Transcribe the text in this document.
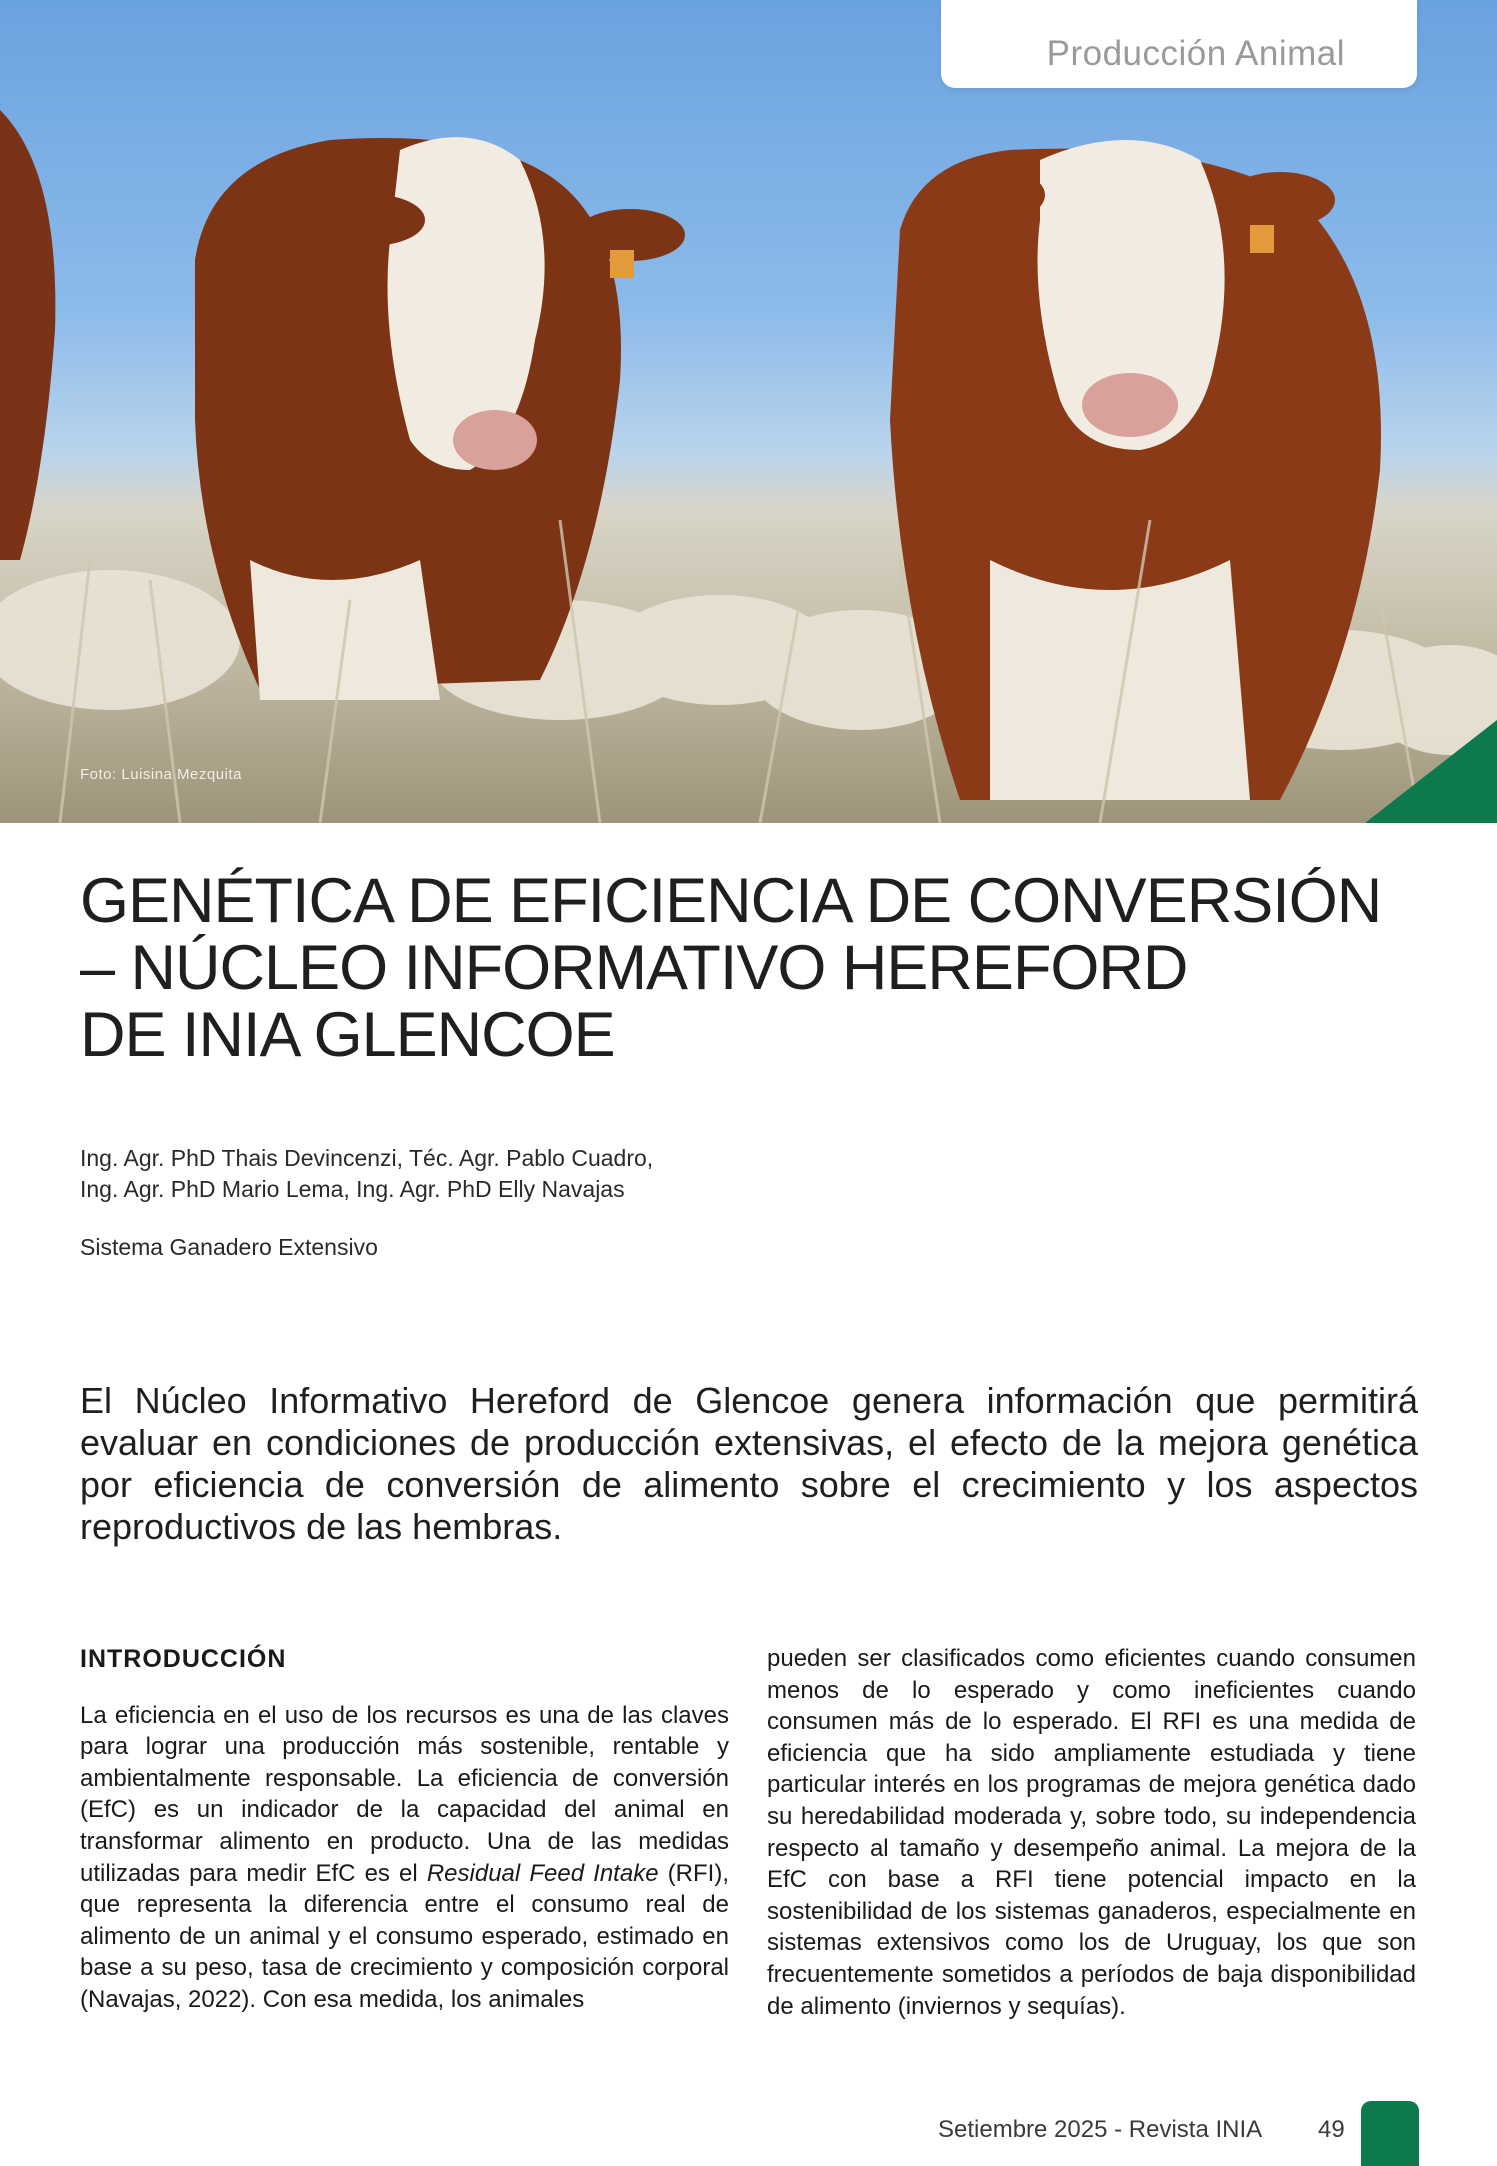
Foto: Luisina Mezquita
Producción Animal
GENÉTICA DE EFICIENCIA DE CONVERSIÓN
– NÚCLEO INFORMATIVO HEREFORD
DE INIA GLENCOE
Ing. Agr. PhD Thais Devincenzi, Téc. Agr. Pablo Cuadro,
Ing. Agr. PhD Mario Lema, Ing. Agr. PhD Elly Navajas
Sistema Ganadero Extensivo
El Núcleo Informativo Hereford de Glencoe genera información que permitirá evaluar en condiciones de producción extensivas, el efecto de la mejora genética por eficiencia de conversión de alimento sobre el crecimiento y los aspectos reproductivos de las hembras.
INTRODUCCIÓN

La eficiencia en el uso de los recursos es una de las claves para lograr una producción más sostenible, rentable y ambientalmente responsable. La eficiencia de conversión (EfC) es un indicador de la capacidad del animal en transformar alimento en producto. Una de las medidas utilizadas para medir EfC es el Residual Feed Intake (RFI), que representa la diferencia entre el consumo real de alimento de un animal y el consumo esperado, estimado en base a su peso, tasa de crecimiento y composición corporal (Navajas, 2022). Con esa medida, los animales

pueden ser clasificados como eficientes cuando consumen menos de lo esperado y como ineficientes cuando consumen más de lo esperado. El RFI es una medida de eficiencia que ha sido ampliamente estudiada y tiene particular interés en los programas de mejora genética dado su heredabilidad moderada y, sobre todo, su independencia respecto al tamaño y desempeño animal. La mejora de la EfC con base a RFI tiene potencial impacto en la sostenibilidad de los sistemas ganaderos, especialmente en sistemas extensivos como los de Uruguay, los que son frecuentemente sometidos a períodos de baja disponibilidad de alimento (inviernos y sequías).

Setiembre 2025 - Revista INIA 49
